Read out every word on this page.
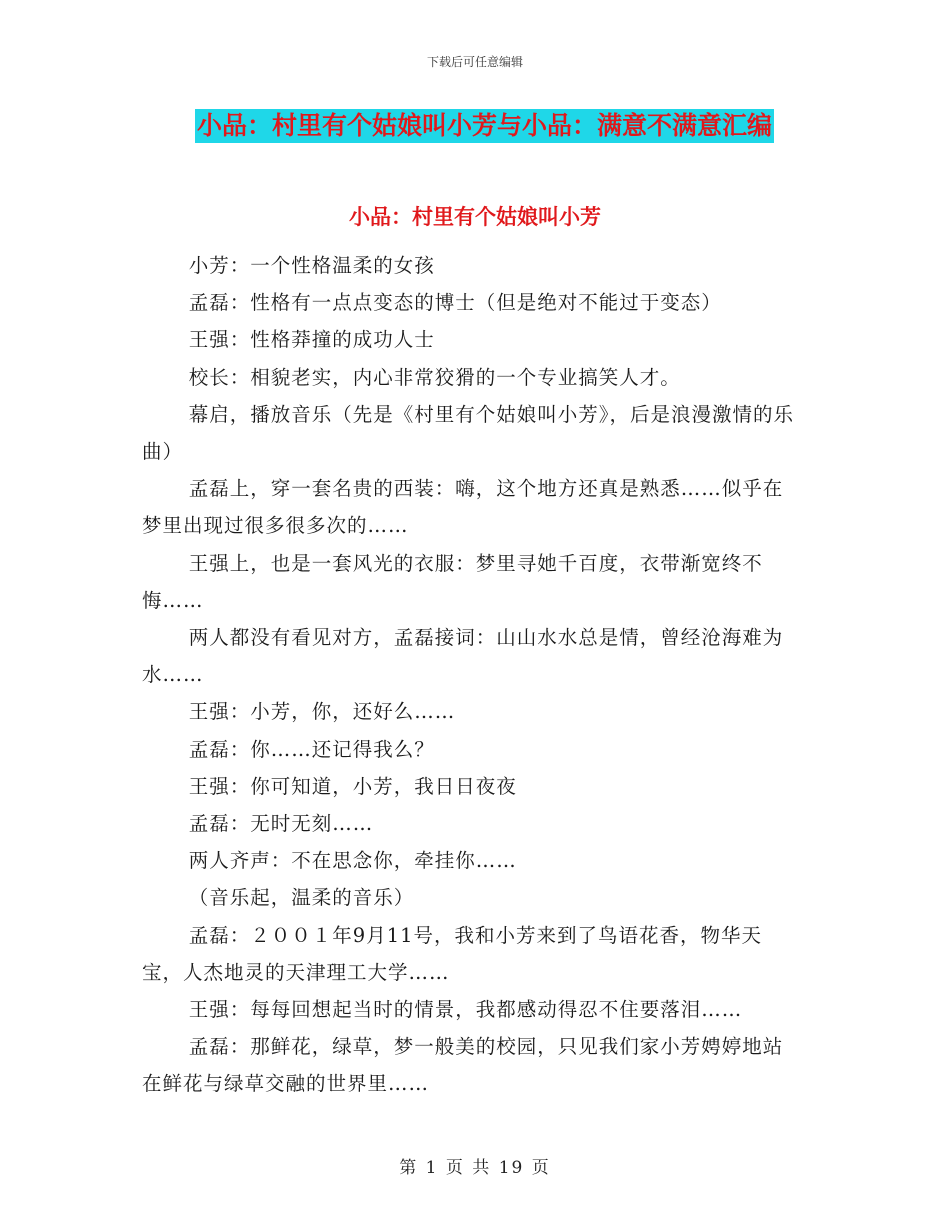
下载后可任意编辑
小品：村里有个姑娘叫小芳与小品：满意不满意汇编
小品：村里有个姑娘叫小芳

小芳：一个性格温柔的女孩

孟磊：性格有一点点变态的博士（但是绝对不能过于变态）

王强：性格莽撞的成功人士

校长：相貌老实，内心非常狡猾的一个专业搞笑人才。

幕启，播放音乐（先是《村里有个姑娘叫小芳》，后是浪漫激情的乐曲）

孟磊上，穿一套名贵的西装：嗨，这个地方还真是熟悉……似乎在梦里出现过很多很多次的……

王强上，也是一套风光的衣服：梦里寻她千百度，衣带渐宽终不悔……

两人都没有看见对方，孟磊接词：山山水水总是情，曾经沧海难为水……

王强：小芳，你，还好么……

孟磊：你……还记得我么？

王强：你可知道，小芳，我日日夜夜

孟磊：无时无刻……

两人齐声：不在思念你，牵挂你……

（音乐起，温柔的音乐）

孟磊：２００１年9月11号，我和小芳来到了鸟语花香，物华天宝，人杰地灵的天津理工大学……

王强：每每回想起当时的情景，我都感动得忍不住要落泪……

孟磊：那鲜花，绿草，梦一般美的校园，只见我们家小芳娉婷地站在鲜花与绿草交融的世界里……

第 1 页 共 19 页
